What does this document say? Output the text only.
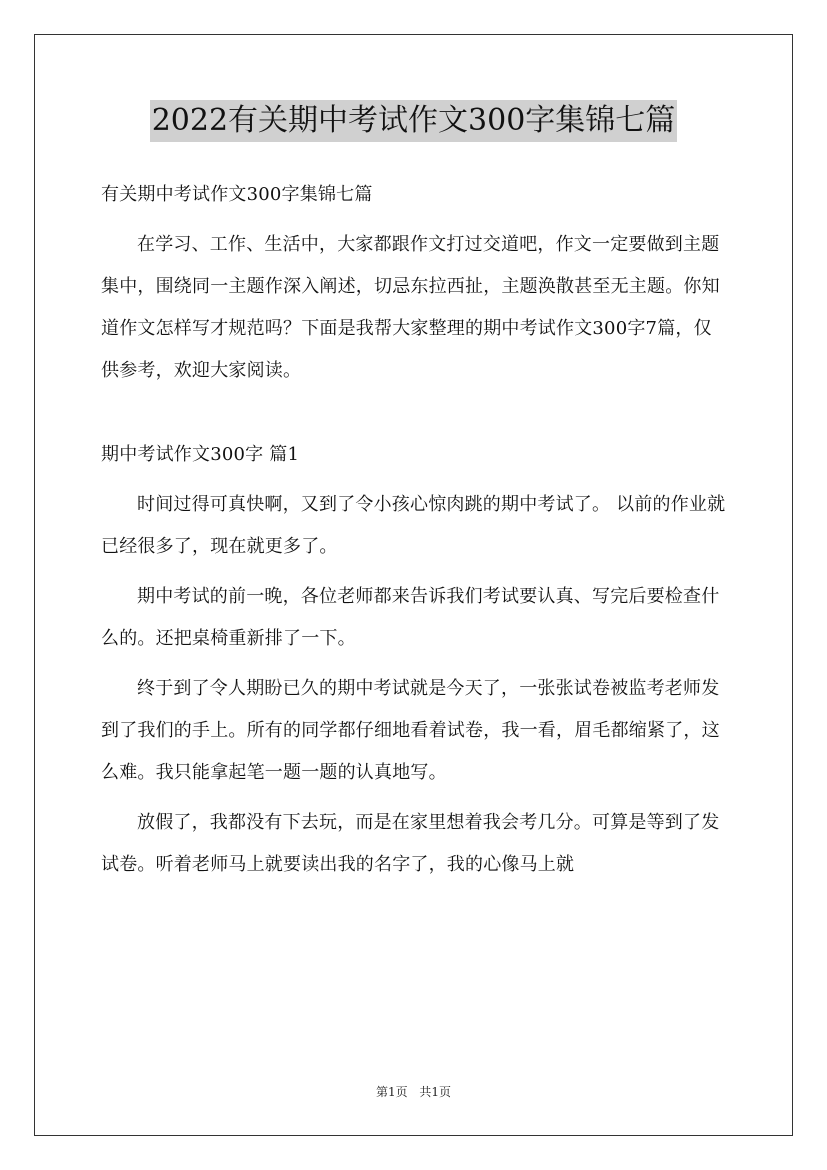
2022有关期中考试作文300字集锦七篇

有关期中考试作文300字集锦七篇

在学习、工作、生活中，大家都跟作文打过交道吧，作文一定要做到主题集中，围绕同一主题作深入阐述，切忌东拉西扯，主题涣散甚至无主题。你知道作文怎样写才规范吗？下面是我帮大家整理的期中考试作文300字7篇，仅供参考，欢迎大家阅读。

期中考试作文300字 篇1

时间过得可真快啊，又到了令小孩心惊肉跳的期中考试了。 以前的作业就已经很多了，现在就更多了。

期中考试的前一晚，各位老师都来告诉我们考试要认真、写完后要检查什么的。还把桌椅重新排了一下。

终于到了令人期盼已久的期中考试就是今天了，一张张试卷被监考老师发到了我们的手上。所有的同学都仔细地看着试卷，我一看，眉毛都缩紧了，这么难。我只能拿起笔一题一题的认真地写。

放假了，我都没有下去玩，而是在家里想着我会考几分。可算是等到了发试卷。听着老师马上就要读出我的名字了，我的心像马上就

第1页 共1页
